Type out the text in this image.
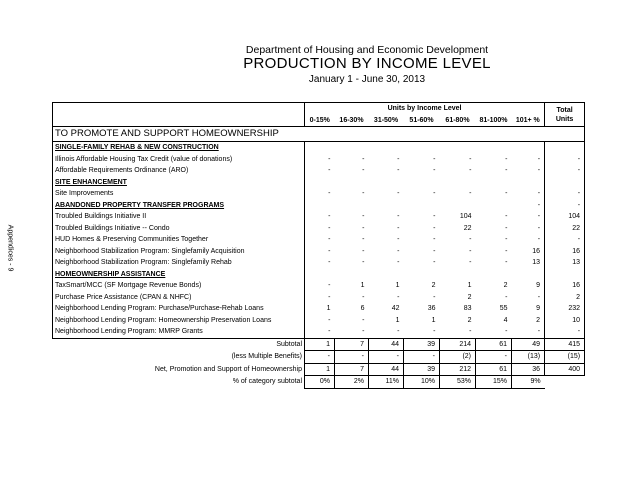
Department of Housing and Economic Development
PRODUCTION BY INCOME LEVEL
January 1 - June 30, 2013
Appendices - 9
	Units by Income Level							Total Units
	0-15%	16-30%	31-50%	51-60%	61-80%	81-100%	101+ %	
TO PROMOTE AND SUPPORT HOMEOWNERSHIP								
SINGLE-FAMILY REHAB & NEW CONSTRUCTION								
Illinois Affordable Housing Tax Credit (value of donations)	-	-	-	-	-	-	-	-
Affordable Requirements Ordinance (ARO)	-	-	-	-	-	-	-	-
SITE ENHANCEMENT								
Site Improvements	-	-	-	-	-	-	-	-
ABANDONED PROPERTY TRANSFER PROGRAMS							-	-
Troubled Buildings Initiative II	-	-	-	-	104	-	-	104
Troubled Buildings Initiative -- Condo	-	-	-	-	22	-	-	22
HUD Homes & Preserving Communities Together	-	-	-	-	-	-	-	-
Neighborhood Stabilization Program: Singlefamily Acquisition	-	-	-	-	-	-	16	16
Neighborhood Stabilization Program: Singlefamily Rehab	-	-	-	-	-	-	13	13
HOMEOWNERSHIP ASSISTANCE								
TaxSmart/MCC (SF Mortgage Revenue Bonds)	-	1	1	2	1	2	9	16
Purchase Price Assistance (CPAN & NHFC)	-	-	-	-	2	-	-	2
Neighborhood Lending Program: Purchase/Purchase-Rehab Loans	1	6	42	36	83	55	9	232
Neighborhood Lending Program: Homeownership Preservation Loans	-	-	1	1	2	4	2	10
Neighborhood Lending Program: MMRP Grants	-	-	-	-	-	-	-	-
Subtotal	1	7	44	39	214	61	49	415
(less Multiple Benefits)	-	-	-	-	(2)	-	(13)	(15)
Net, Promotion and Support of Homeownership	1	7	44	39	212	61	36	400
% of category subtotal	0%	2%	11%	10%	53%	15%	9%	
